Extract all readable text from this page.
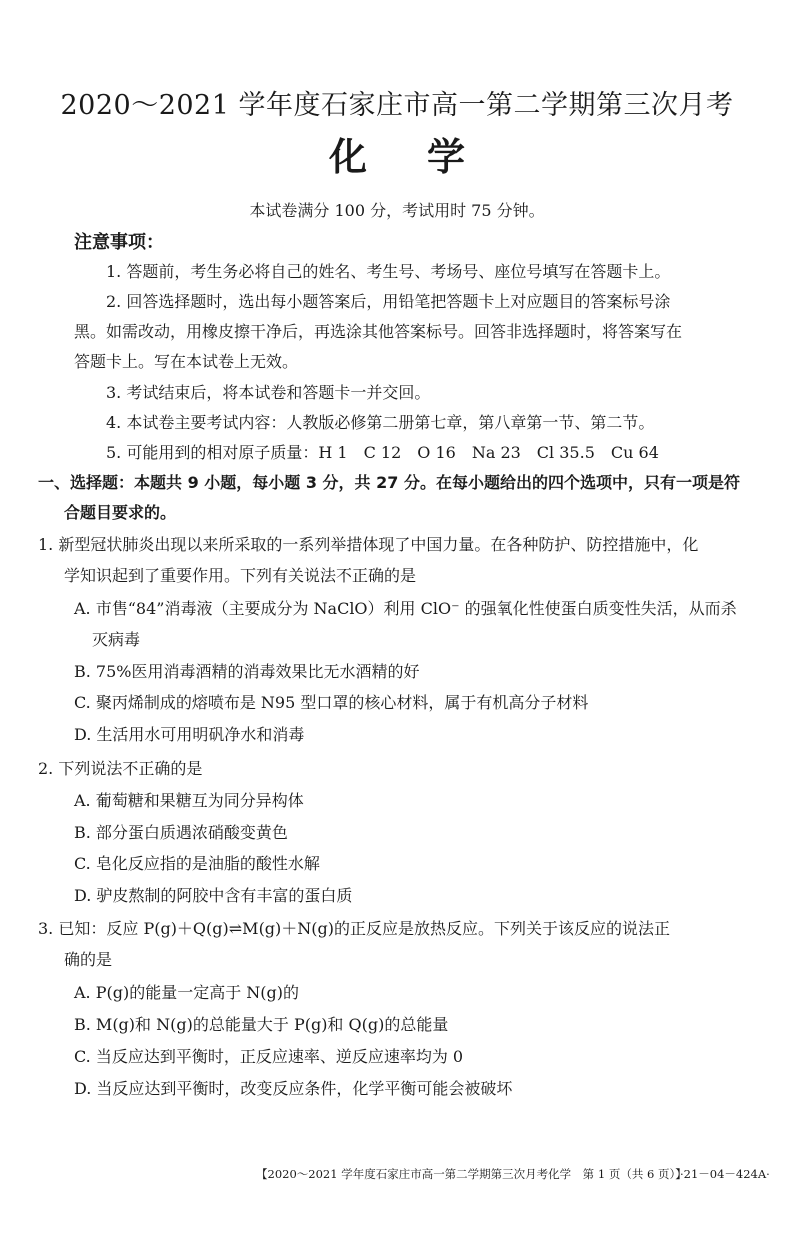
2020～2021 学年度石家庄市高一第二学期第三次月考
化学
本试卷满分 100 分，考试用时 75 分钟。
注意事项：
1. 答题前，考生务必将自己的姓名、考生号、考场号、座位号填写在答题卡上。
2. 回答选择题时，选出每小题答案后，用铅笔把答题卡上对应题目的答案标号涂
黑。如需改动，用橡皮擦干净后，再选涂其他答案标号。回答非选择题时，将答案写在
答题卡上。写在本试卷上无效。
3. 考试结束后，将本试卷和答题卡一并交回。
4. 本试卷主要考试内容：人教版必修第二册第七章，第八章第一节、第二节。
5. 可能用到的相对原子质量：H 1　C 12　O 16　Na 23　Cl 35.5　Cu 64
一、选择题：本题共 9 小题，每小题 3 分，共 27 分。在每小题给出的四个选项中，只有一项是符
合题目要求的。
1. 新型冠状肺炎出现以来所采取的一系列举措体现了中国力量。在各种防护、防控措施中，化
学知识起到了重要作用。下列有关说法不正确的是
A. 市售“84”消毒液（主要成分为 NaClO）利用 ClO⁻ 的强氧化性使蛋白质变性失活，从而杀
灭病毒
B. 75%医用消毒酒精的消毒效果比无水酒精的好
C. 聚丙烯制成的熔喷布是 N95 型口罩的核心材料，属于有机高分子材料
D. 生活用水可用明矾净水和消毒
2. 下列说法不正确的是
A. 葡萄糖和果糖互为同分异构体
B. 部分蛋白质遇浓硝酸变黄色
C. 皂化反应指的是油脂的酸性水解
D. 驴皮熬制的阿胶中含有丰富的蛋白质
3. 已知：反应 P(g)＋Q(g)⇌M(g)＋N(g)的正反应是放热反应。下列关于该反应的说法正
确的是
A. P(g)的能量一定高于 N(g)的
B. M(g)和 N(g)的总能量大于 P(g)和 Q(g)的总能量
C. 当反应达到平衡时，正反应速率、逆反应速率均为 0
D. 当反应达到平衡时，改变反应条件，化学平衡可能会被破坏
【2020～2021 学年度石家庄市高一第二学期第三次月考化学　第 1 页（共 6 页）】
·21－04－424A·
